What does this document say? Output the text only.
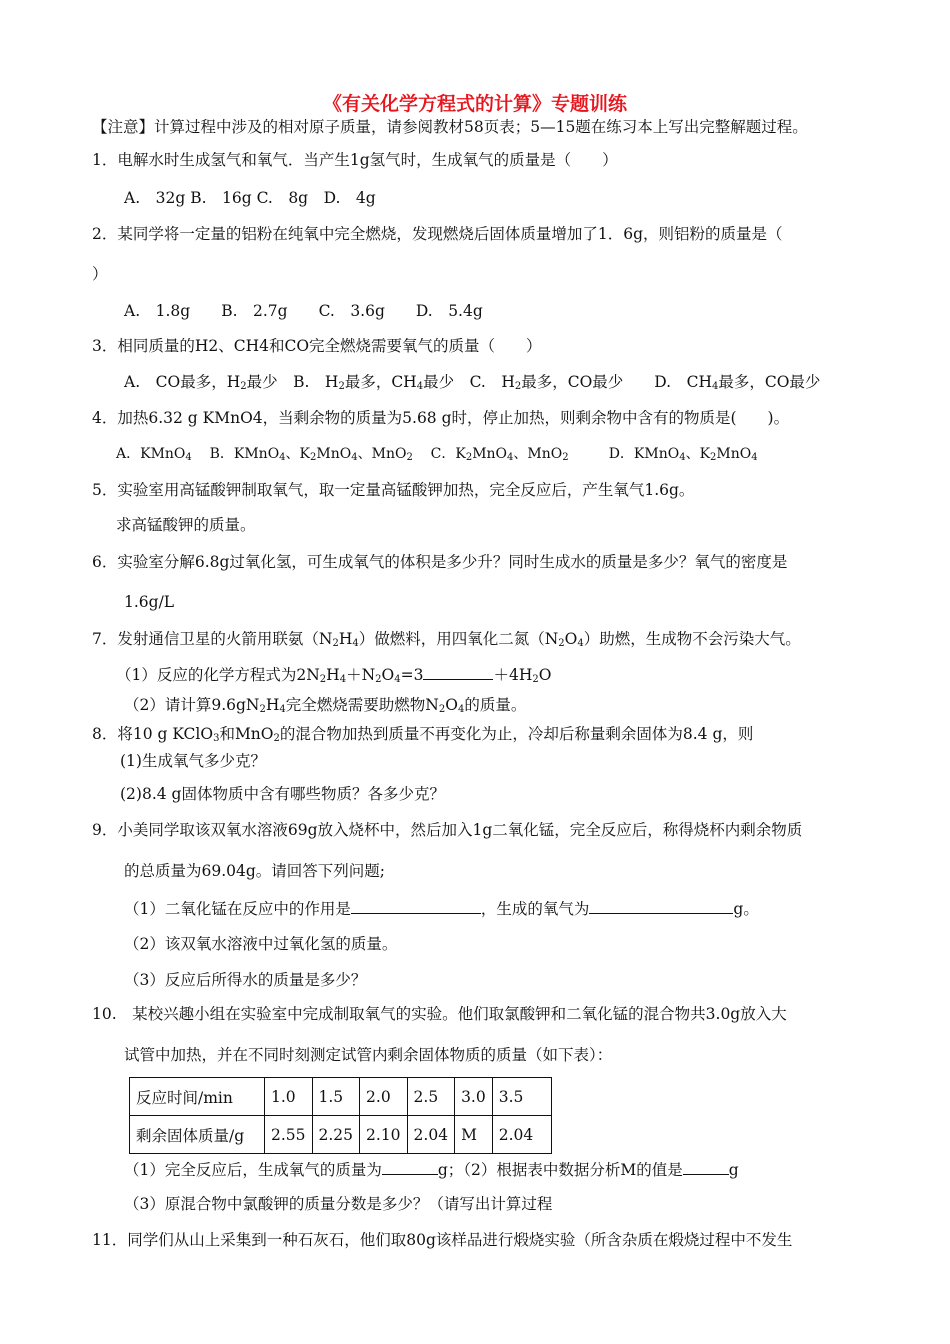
《有关化学方程式的计算》专题训练
【注意】计算过程中涉及的相对原子质量，请参阅教材58页表；5—15题在练习本上写出完整解题过程。
1．电解水时生成氢气和氧气．当产生1g氢气时，生成氧气的质量是（　　）
A.　32g B.　16g C.　8g　D.　4g
2．某同学将一定量的铝粉在纯氧中完全燃烧，发现燃烧后固体质量增加了1．6g，则铝粉的质量是（
）
A.　1.8g　　B.　2.7g　　C.　3.6g　　D.　5.4g
3．相同质量的H2、CH4和CO完全燃烧需要氧气的质量（　　）
A.　CO最多，$H_2$最少　B.　$H_2$最多，$CH_4$最少　C.　$H_2$最多，CO最少　　D.　$CH_4$最多，CO最少
4．加热6.32 g KMnO4，当剩余物的质量为5.68 g时，停止加热，则剩余物中含有的物质是(　　)。
A．KMnO$_4$ B．KMnO$_4$、$K_2MnO_4$、MnO$_2$ C．$K_2MnO_4$、MnO$_2$	D．KMnO$_4$、$K_2MnO_4$
5．实验室用高锰酸钾制取氧气，取一定量高锰酸钾加热，完全反应后，产生氧气1.6g。
求高锰酸钾的质量。
6．实验室分解6.8g过氧化氢，可生成氧气的体积是多少升？同时生成水的质量是多少？氧气的密度是
1.6g/L
7．发射通信卫星的火箭用联氨$(N_2H_4)$做燃料，用四氧化二氮$(N_2O_4)$助燃，生成物不会污染大气。
（1）反应的化学方程式为$2N_2H_4+N_2O_4=3$	$+4H_2O$
（2）请计算$9.6gN_2H_4$完全燃烧需要助燃物$N_2O_4$的质量。
8．将10 g KClO$_3$和MnO$_2$的混合物加热到质量不再变化为止，冷却后称量剩余固体为8.4 g，则
(1)生成氧气多少克？
(2)8.4 g固体物质中含有哪些物质？各多少克？
9．小美同学取该双氧水溶液69g放入烧杯中，然后加入1g二氧化锰，完全反应后，称得烧杯内剩余物质
的总质量为69.04g。请回答下列问题;
（1）二氧化锰在反应中的作用是	，生成的氧气为	g。
（2）该双氧水溶液中过氧化氢的质量。
（3）反应后所得水的质量是多少？
10.　某校兴趣小组在实验室中完成制取氧气的实验。他们取氯酸钾和二氧化锰的混合物共3.0g放入大
试管中加热，并在不同时刻测定试管内剩余固体物质的质量（如下表）：
反应时间/min	1.0	1.5	2.0	2.5	3.0	3.5
剩余固体质量/g	2.55	2.25	2.10	2.04	M	2.04
（1）完全反应后，生成氧气的质量为	g；（2）根据表中数据分析M的值是	g
（3）原混合物中氯酸钾的质量分数是多少？（请写出计算过程
11．同学们从山上采集到一种石灰石，他们取80g该样品进行煅烧实验（所含杂质在煅烧过程中不发生
